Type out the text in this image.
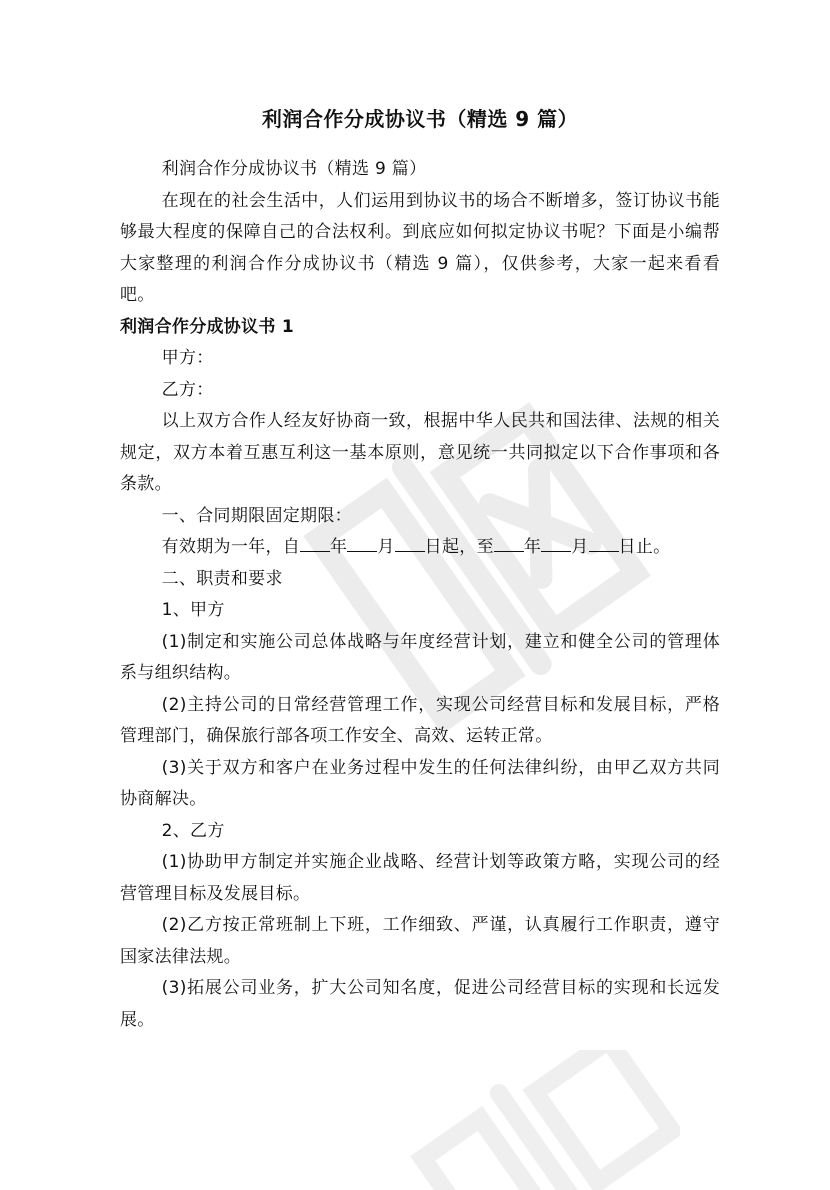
利润合作分成协议书（精选 9 篇）

利润合作分成协议书（精选 9 篇）

在现在的社会生活中，人们运用到协议书的场合不断增多，签订协议书能够最大程度的保障自己的合法权利。到底应如何拟定协议书呢？下面是小编帮大家整理的利润合作分成协议书（精选 9 篇），仅供参考，大家一起来看看吧。

利润合作分成协议书 1

甲方：

乙方：

以上双方合作人经友好协商一致，根据中华人民共和国法律、法规的相关规定，双方本着互惠互利这一基本原则，意见统一共同拟定以下合作事项和各条款。

一、合同期限固定期限：

有效期为一年，自 年 月 日起，至 年 月 日止。

二、职责和要求

1、甲方

(1)制定和实施公司总体战略与年度经营计划，建立和健全公司的管理体系与组织结构。

(2)主持公司的日常经营管理工作，实现公司经营目标和发展目标，严格管理部门，确保旅行部各项工作安全、高效、运转正常。

(3)关于双方和客户在业务过程中发生的任何法律纠纷，由甲乙双方共同协商解决。

2、乙方

(1)协助甲方制定并实施企业战略、经营计划等政策方略，实现公司的经营管理目标及发展目标。

(2)乙方按正常班制上下班，工作细致、严谨，认真履行工作职责，遵守国家法律法规。

(3)拓展公司业务，扩大公司知名度，促进公司经营目标的实现和长远发展。
